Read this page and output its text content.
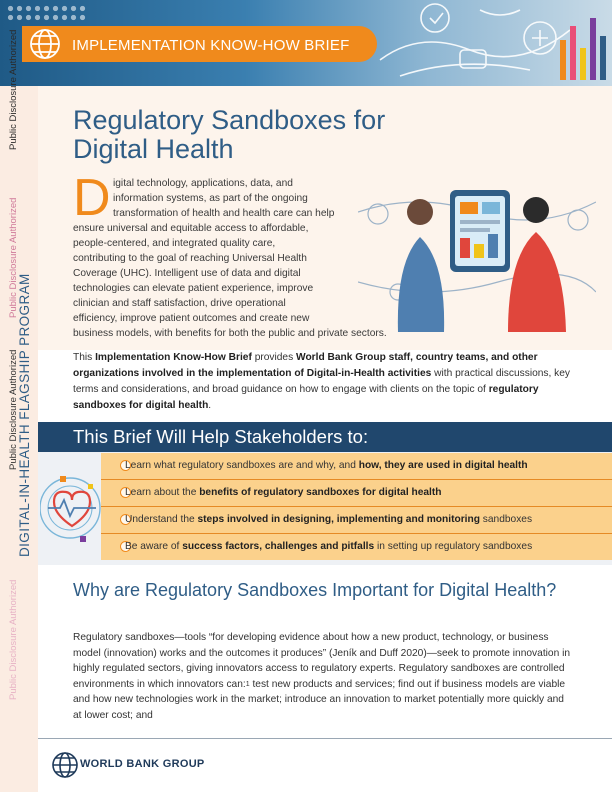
IMPLEMENTATION KNOW-HOW BRIEF
Public Disclosure Authorized
Public Disclosure Authorized
Public Disclosure Authorized
Public Disclosure Authorized
DIGITAL-IN-HEALTH FLAGSHIP PROGRAM
Regulatory Sandboxes for Digital Health
D igital technology, applications, data, and
information systems, as part of the ongoing
transformation of health and health care can help
ensure universal and equitable access to affordable,
people-centered, and integrated quality care,
contributing to the goal of reaching Universal Health
Coverage (UHC). Intelligent use of data and digital
technologies can elevate patient experience, improve
clinician and staff satisfaction, drive operational
efficiency, improve patient outcomes and create new
business models, with benefits for both the public and private sectors.

This Implementation Know-How Brief provides World Bank Group staff, country teams, and other organizations involved in the implementation of Digital-in-Health activities with practical discussions, key terms and considerations, and broad guidance on how to engage with clients on the topic of regulatory sandboxes for digital health.

This Brief Will Help Stakeholders to:
Learn what regulatory sandboxes are and why, and how, they are used in digital health
Learn about the benefits of regulatory sandboxes for digital health
Understand the steps involved in designing, implementing and monitoring sandboxes
Be aware of success factors, challenges and pitfalls in setting up regulatory sandboxes
Why are Regulatory Sandboxes Important for Digital Health?

Regulatory sandboxes—tools “for developing evidence about how a new product, technology, or business model (innovation) works and the outcomes it produces” (Jeník and Duff 2020)—seek to promote innovation in highly regulated sectors, giving innovators access to regulatory experts. Regulatory sandboxes are controlled environments in which innovators can:$^1$ test new products and services; find out if business models are viable and how new technologies work in the market; introduce an innovation to market potentially more quickly and at lower cost; and

WORLD BANK GROUP
